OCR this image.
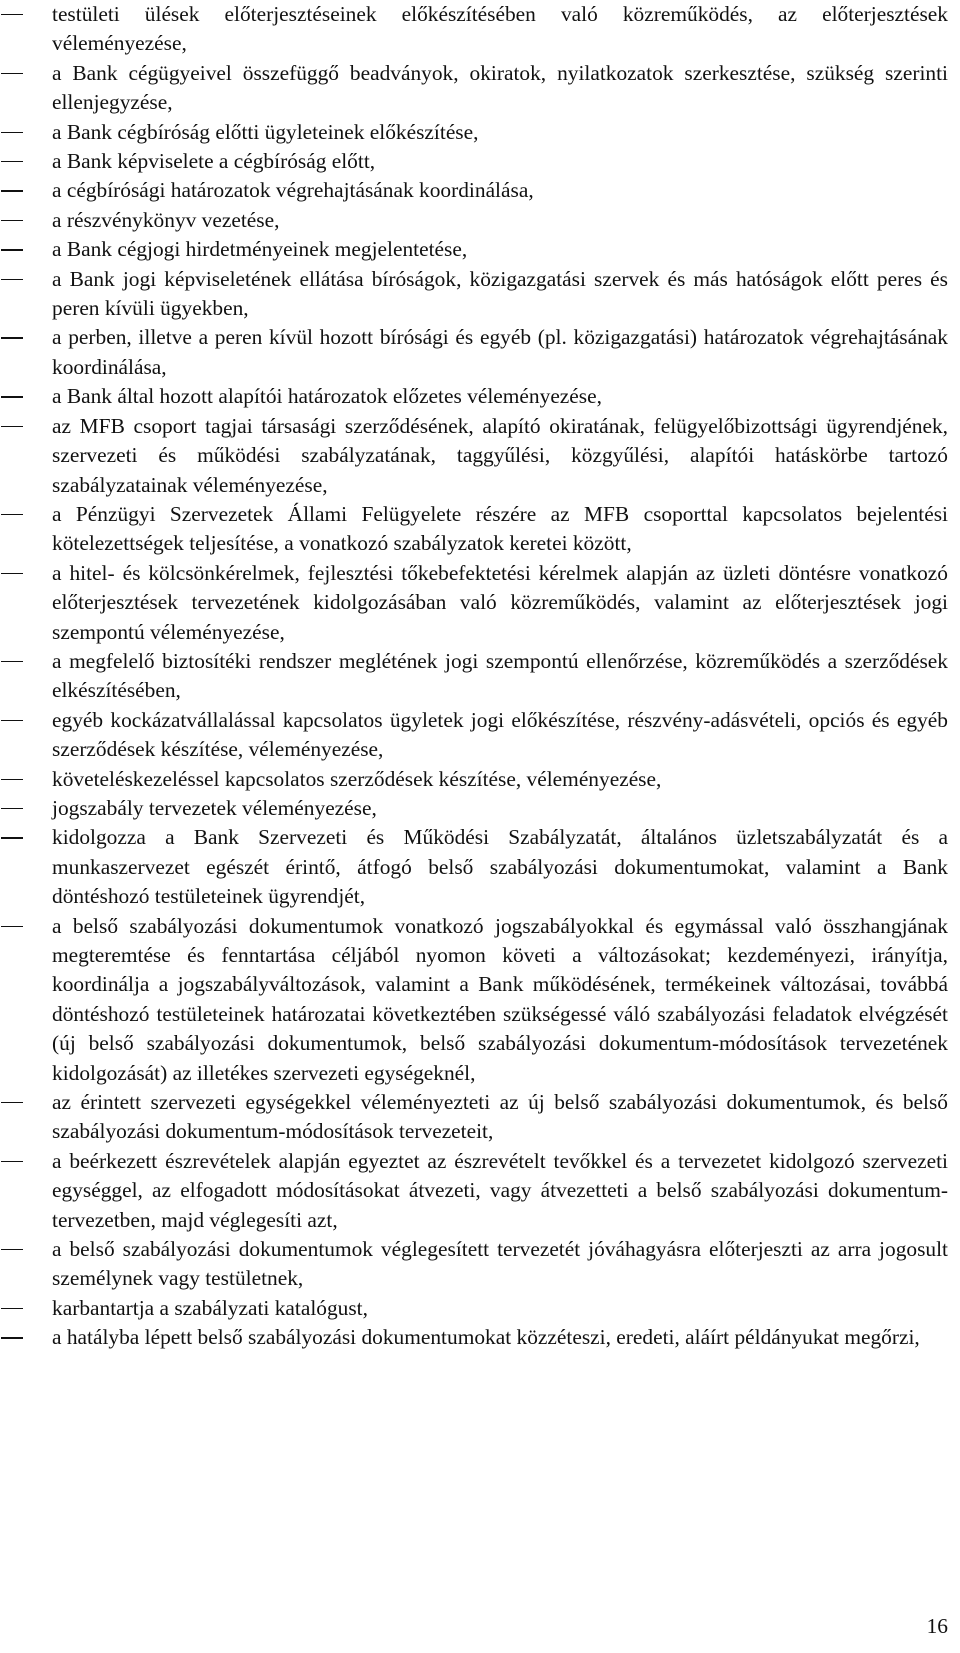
testületi ülések előterjesztéseinek előkészítésében való közreműködés, az előterjesztések véleményezése,
a Bank cégügyeivel összefüggő beadványok, okiratok, nyilatkozatok szerkesztése, szükség szerinti ellenjegyzése,
a Bank cégbíróság előtti ügyleteinek előkészítése,
a Bank képviselete a cégbíróság előtt,
a cégbírósági határozatok végrehajtásának koordinálása,
a részvénykönyv vezetése,
a Bank cégjogi hirdetményeinek megjelentetése,
a Bank jogi képviseletének ellátása bíróságok, közigazgatási szervek és más hatóságok előtt peres és peren kívüli ügyekben,
a perben, illetve a peren kívül hozott bírósági és egyéb (pl. közigazgatási) határozatok végrehajtásának koordinálása,
a Bank által hozott alapítói határozatok előzetes véleményezése,
az MFB csoport tagjai társasági szerződésének, alapító okiratának, felügyelőbizottsági ügyrendjének, szervezeti és működési szabályzatának, taggyűlési, közgyűlési, alapítói hatáskörbe tartozó szabályzatainak véleményezése,
a Pénzügyi Szervezetek Állami Felügyelete részére az MFB csoporttal kapcsolatos bejelentési kötelezettségek teljesítése, a vonatkozó szabályzatok keretei között,
a hitel- és kölcsönkérelmek, fejlesztési tőkebefektetési kérelmek alapján az üzleti döntésre vonatkozó előterjesztések tervezetének kidolgozásában való közreműködés, valamint az előterjesztések jogi szempontú véleményezése,
a megfelelő biztosítéki rendszer meglétének jogi szempontú ellenőrzése, közreműködés a szerződések elkészítésében,
egyéb kockázatvállalással kapcsolatos ügyletek jogi előkészítése, részvény-adásvételi, opciós és egyéb szerződések készítése, véleményezése,
követeléskezeléssel kapcsolatos szerződések készítése, véleményezése,
jogszabály tervezetek véleményezése,
kidolgozza a Bank Szervezeti és Működési Szabályzatát, általános üzletszabályzatát és a munkaszervezet egészét érintő, átfogó belső szabályozási dokumentumokat, valamint a Bank döntéshozó testületeinek ügyrendjét,
a belső szabályozási dokumentumok vonatkozó jogszabályokkal és egymással való összhangjának megteremtése és fenntartása céljából nyomon követi a változásokat; kezdeményezi, irányítja, koordinálja a jogszabályváltozások, valamint a Bank működésének, termékeinek változásai, továbbá döntéshozó testületeinek határozatai következtében szükségessé váló szabályozási feladatok elvégzését (új belső szabályozási dokumentumok, belső szabályozási dokumentum-módosítások tervezetének kidolgozását) az illetékes szervezeti egységeknél,
az érintett szervezeti egységekkel véleményezteti az új belső szabályozási dokumentumok, és belső szabályozási dokumentum-módosítások tervezeteit,
a beérkezett észrevételek alapján egyeztet az észrevételt tevőkkel és a tervezetet kidolgozó szervezeti egységgel, az elfogadott módosításokat átvezeti, vagy átvezetteti a belső szabályozási dokumentum-tervezetben, majd véglegesíti azt,
a belső szabályozási dokumentumok véglegesített tervezetét jóváhagyásra előterjeszti az arra jogosult személynek vagy testületnek,
karbantartja a szabályzati katalógust,
a hatályba lépett belső szabályozási dokumentumokat közzéteszi, eredeti, aláírt példányukat megőrzi,
16
